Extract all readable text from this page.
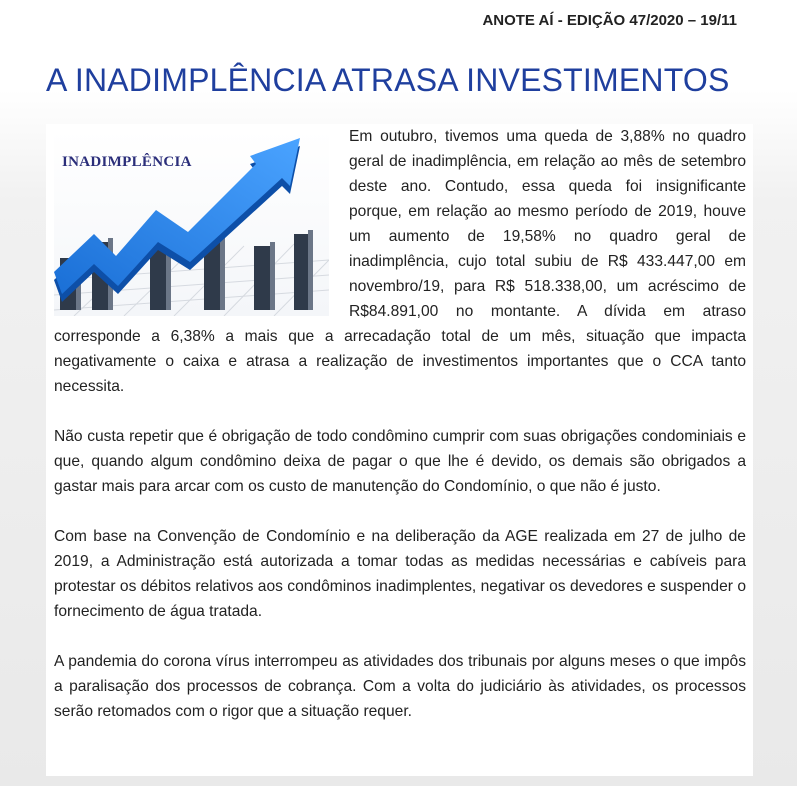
ANOTE AÍ - EDIÇÃO 47/2020 – 19/11
A INADIMPLÊNCIA ATRASA INVESTIMENTOS
INADIMPLÊNCIA

Em outubro, tivemos uma queda de 3,88% no quadro geral de inadimplência, em relação ao mês de setembro deste ano. Contudo, essa queda foi insignificante porque, em relação ao mesmo período de 2019, houve um aumento de 19,58% no quadro geral de inadimplência, cujo total subiu de R$ 433.447,00 em novembro/19, para R$ 518.338,00, um acréscimo de R$84.891,00 no montante. A dívida em atraso corresponde a 6,38% a mais que a arrecadação total de um mês, situação que impacta negativamente o caixa e atrasa a realização de investimentos importantes que o CCA tanto necessita.

Não custa repetir que é obrigação de todo condômino cumprir com suas obrigações condominiais e que, quando algum condômino deixa de pagar o que lhe é devido, os demais são obrigados a gastar mais para arcar com os custo de manutenção do Condomínio, o que não é justo.

Com base na Convenção de Condomínio e na deliberação da AGE realizada em 27 de julho de 2019, a Administração está autorizada a tomar todas as medidas necessárias e cabíveis para protestar os débitos relativos aos condôminos inadimplentes, negativar os devedores e suspender o fornecimento de água tratada.

A pandemia do corona vírus interrompeu as atividades dos tribunais por alguns meses o que impôs a paralisação dos processos de cobrança. Com a volta do judiciário às atividades, os processos serão retomados com o rigor que a situação requer.
